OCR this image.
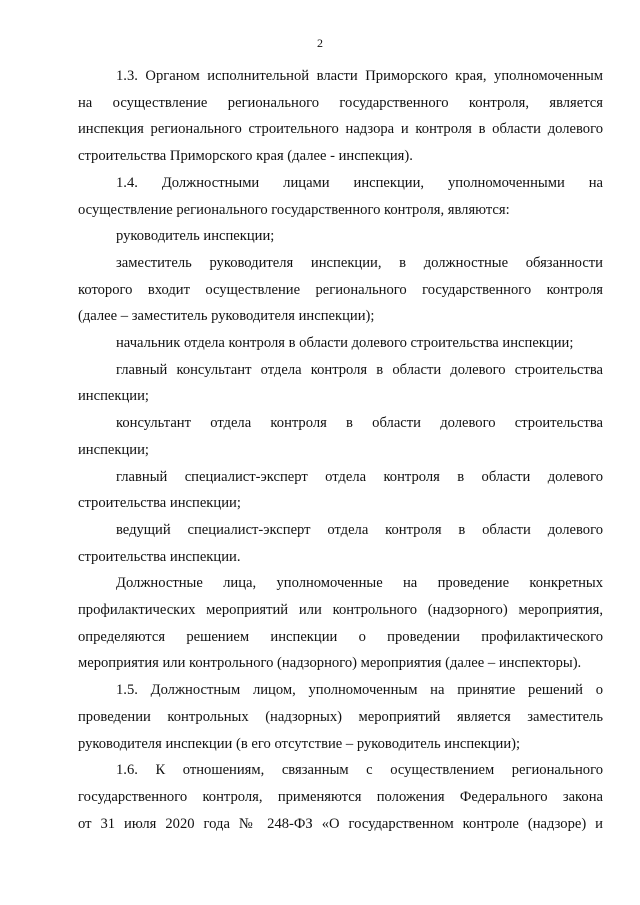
2

1.3. Органом исполнительной власти Приморского края, уполномоченным

на осуществление регионального государственного контроля, является

инспекция регионального строительного надзора и контроля в области долевого

строительства Приморского края (далее - инспекция).

1.4. Должностными лицами инспекции, уполномоченными на

осуществление регионального государственного контроля, являются:

руководитель инспекции;

заместитель руководителя инспекции, в должностные обязанности

которого входит осуществление регионального государственного контроля

(далее – заместитель руководителя инспекции);

начальник отдела контроля в области долевого строительства инспекции;

главный консультант отдела контроля в области долевого строительства

инспекции;

консультант отдела контроля в области долевого строительства

инспекции;

главный специалист-эксперт отдела контроля в области долевого

строительства инспекции;

ведущий специалист-эксперт отдела контроля в области долевого

строительства инспекции.

Должностные лица, уполномоченные на проведение конкретных

профилактических мероприятий или контрольного (надзорного) мероприятия,

определяются решением инспекции о проведении профилактического

мероприятия или контрольного (надзорного) мероприятия (далее – инспекторы).

1.5. Должностным лицом, уполномоченным на принятие решений о

проведении контрольных (надзорных) мероприятий является заместитель

руководителя инспекции (в его отсутствие – руководитель инспекции);

1.6. К отношениям, связанным с осуществлением регионального

государственного контроля, применяются положения Федерального закона

от 31 июля 2020 года № 248-ФЗ «О государственном контроле (надзоре) и
